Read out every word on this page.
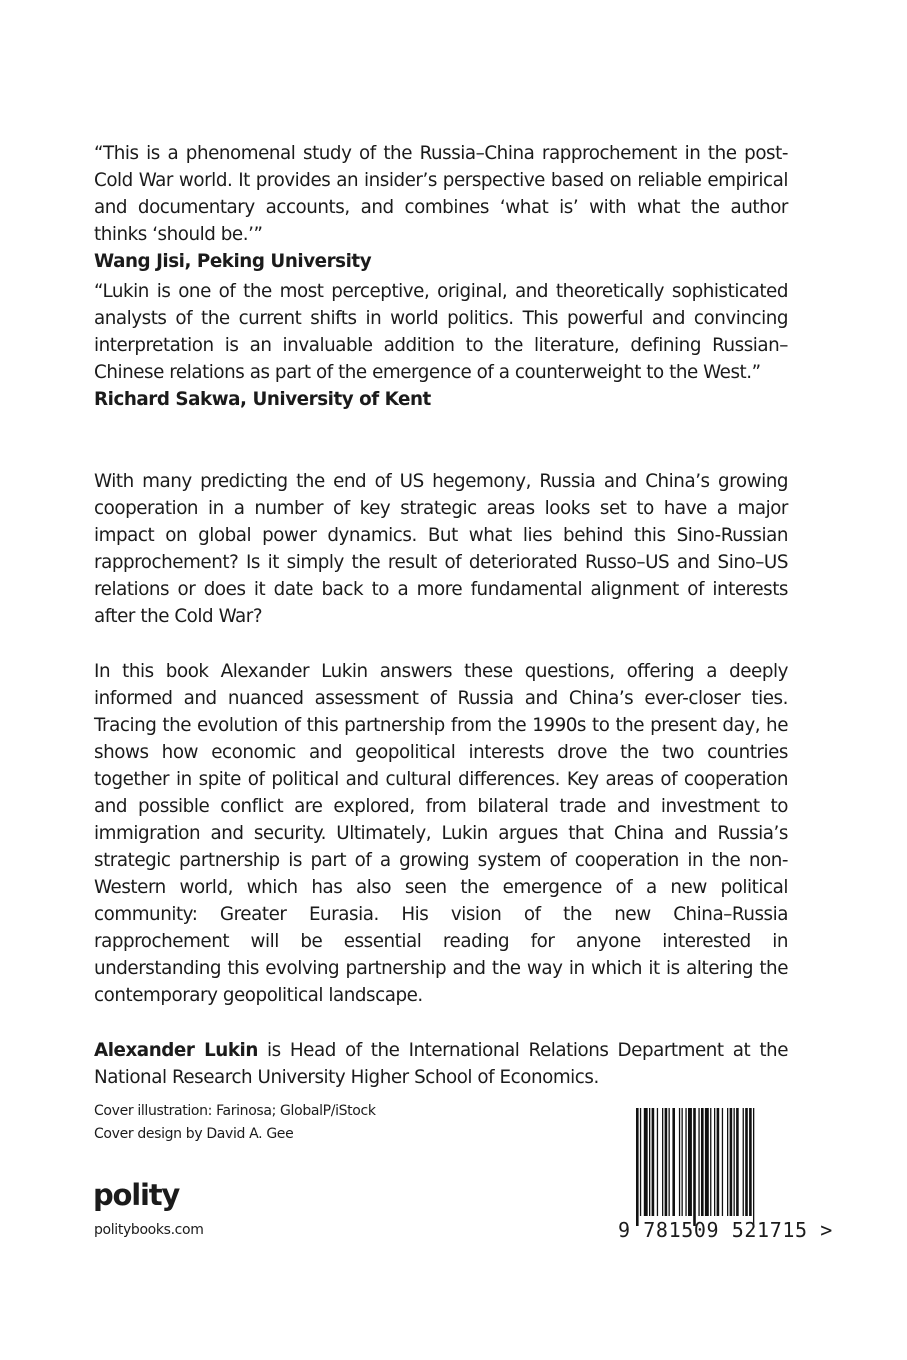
“This is a phenomenal study of the Russia–China rapprochement in the post-Cold War world. It provides an insider’s perspective based on reliable empirical and documentary accounts, and combines ‘what is’ with what the author thinks ‘should be.’”

Wang Jisi, Peking University

“Lukin is one of the most perceptive, original, and theoretically sophisticated analysts of the current shifts in world politics. This powerful and convincing interpretation is an invaluable addition to the literature, defining Russian–Chinese relations as part of the emergence of a counterweight to the West.”

Richard Sakwa, University of Kent

With many predicting the end of US hegemony, Russia and China’s growing cooperation in a number of key strategic areas looks set to have a major impact on global power dynamics. But what lies behind this Sino-Russian rapprochement? Is it simply the result of deteriorated Russo–US and Sino–US relations or does it date back to a more fundamental alignment of interests after the Cold War?

In this book Alexander Lukin answers these questions, offering a deeply informed and nuanced assessment of Russia and China’s ever-closer ties. Tracing the evolution of this partnership from the 1990s to the present day, he shows how economic and geopolitical interests drove the two countries together in spite of political and cultural differences. Key areas of cooperation and possible conflict are explored, from bilateral trade and investment to immigration and security. Ultimately, Lukin argues that China and Russia’s strategic partnership is part of a growing system of cooperation in the non-Western world, which has also seen the emergence of a new political community: Greater Eurasia. His vision of the new China–Russia rapprochement will be essential reading for anyone interested in understanding this evolving partnership and the way in which it is altering the contemporary geopolitical landscape.

Alexander Lukin is Head of the International Relations Department at the National Research University Higher School of Economics.

Cover illustration: Farinosa; GlobalP/iStock
Cover design by David A. Gee
polity
politybooks.com	9 781509 521715 >
